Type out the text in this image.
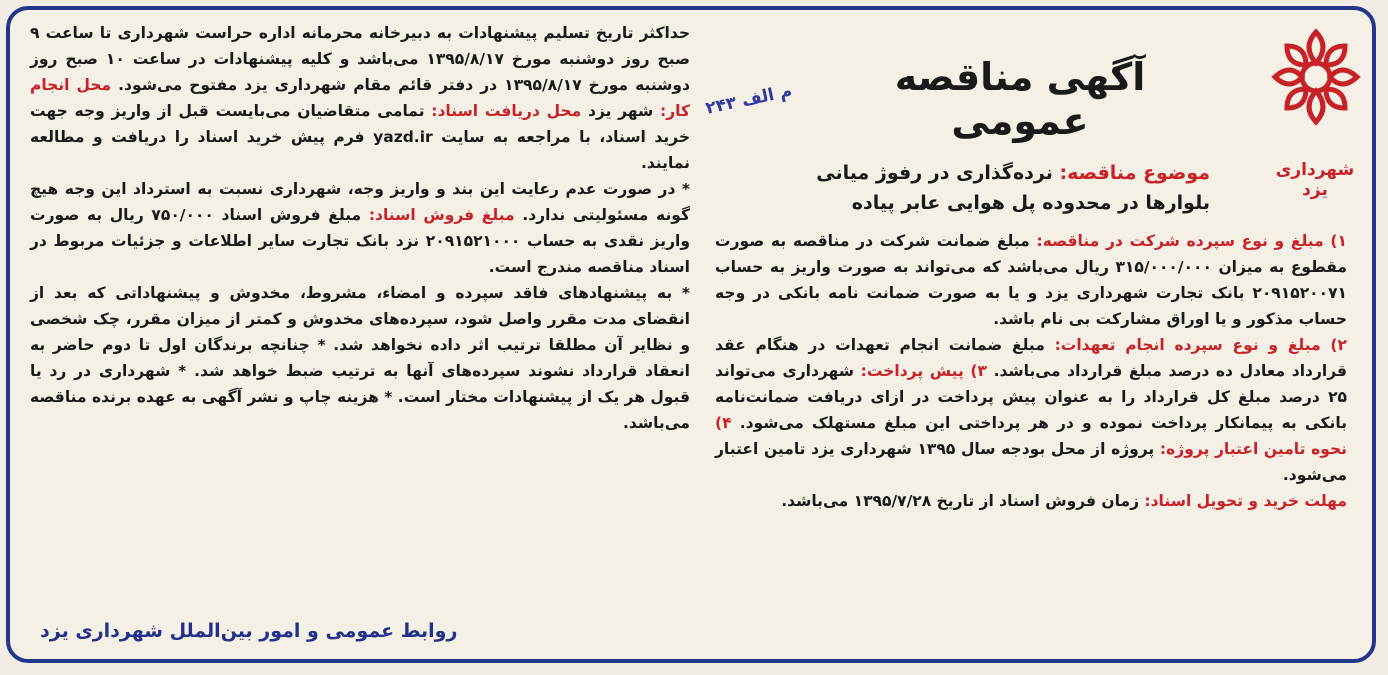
شهرداری یزد
آگهی مناقصه عمومی
م الف ۲۴۳
موضوع مناقصه: نرده‌گذاری در رفوژ میانی بلوارها در محدوده پل هوایی عابر پیاده

۱) مبلغ و نوع سپرده شرکت در مناقصه: مبلغ ضمانت شرکت در مناقصه به صورت مقطوع به میزان ۳۱۵/۰۰۰/۰۰۰ ریال می‌باشد که می‌تواند به صورت واریز به حساب ۲۰۹۱۵۲۰۰۷۱ بانک تجارت شهرداری یزد و یا به صورت ضمانت نامه بانکی در وجه حساب مذکور و یا اوراق مشارکت بی نام باشد.

۲) مبلغ و نوع سپرده انجام تعهدات: مبلغ ضمانت انجام تعهدات در هنگام عقد قرارداد معادل ده درصد مبلغ قرارداد می‌باشد. ۳) پیش پرداخت: شهرداری می‌تواند ۲۵ درصد مبلغ کل قرارداد را به عنوان پیش پرداخت در ازای دریافت ضمانت‌نامه بانکی به پیمانکار پرداخت نموده و در هر پرداختی این مبلغ مستهلک می‌شود. ۴) نحوه تامین اعتبار پروژه: پروژه از محل بودجه سال ۱۳۹۵ شهرداری یزد تامین اعتبار می‌شود.

مهلت خرید و تحویل اسناد: زمان فروش اسناد از تاریخ ۱۳۹۵/۷/۲۸ می‌باشد.

حداکثر تاریخ تسلیم پیشنهادات به دبیرخانه محرمانه اداره حراست شهرداری تا ساعت ۹ صبح روز دوشنبه مورخ ۱۳۹۵/۸/۱۷ می‌باشد و کلیه پیشنهادات در ساعت ۱۰ صبح روز دوشنبه مورخ ۱۳۹۵/۸/۱۷ در دفتر قائم مقام شهرداری یزد مفتوح می‌شود. محل انجام کار: شهر یزد محل دریافت اسناد: تمامی متقاضیان می‌بایست قبل از واریز وجه جهت خرید اسناد، با مراجعه به سایت yazd.ir فرم پیش خرید اسناد را دریافت و مطالعه نمایند.

* در صورت عدم رعایت این بند و واریز وجه، شهرداری نسبت به استرداد این وجه هیچ گونه مسئولیتی ندارد. مبلغ فروش اسناد: مبلغ فروش اسناد ۷۵۰/۰۰۰ ریال به صورت واریز نقدی به حساب ۲۰۹۱۵۲۱۰۰۰ نزد بانک تجارت سایر اطلاعات و جزئیات مربوط در اسناد مناقصه مندرج است.

* به پیشنهادهای فاقد سپرده و امضاء، مشروط، مخدوش و پیشنهاداتی که بعد از انقضای مدت مقرر واصل شود، سپرده‌های مخدوش و کمتر از میزان مقرر، چک شخصی و نظایر آن مطلقا ترتیب اثر داده نخواهد شد. * چنانچه برندگان اول تا دوم حاضر به انعقاد قرارداد نشوند سپرده‌های آنها به ترتیب ضبط خواهد شد. * شهرداری در رد یا قبول هر یک از پیشنهادات مختار است. * هزینه چاپ و نشر آگهی به عهده برنده مناقصه می‌باشد.

روابط عمومی و امور بین‌الملل شهرداری یزد
